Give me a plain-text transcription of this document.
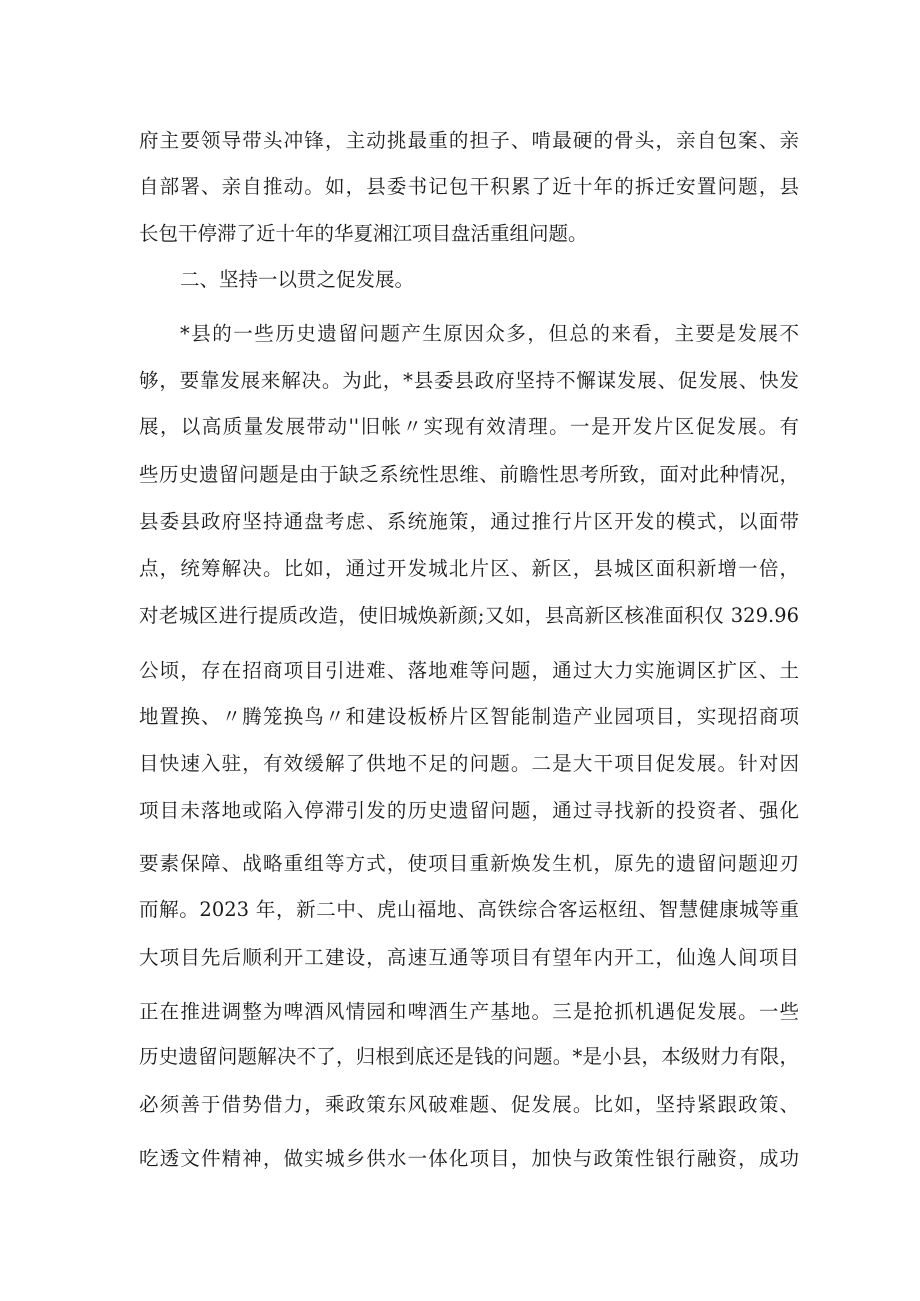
府主要领导带头冲锋，主动挑最重的担子、啃最硬的骨头，亲自包案、亲
自部署、亲自推动。如，县委书记包干积累了近十年的拆迁安置问题，县
长包干停滞了近十年的华夏湘江项目盘活重组问题。
二、坚持一以贯之促发展。
*县的一些历史遗留问题产生原因众多，但总的来看，主要是发展不
够，要靠发展来解决。为此，*县委县政府坚持不懈谋发展、促发展、快发
展，以高质量发展带动''旧帐〃实现有效清理。一是开发片区促发展。有
些历史遗留问题是由于缺乏系统性思维、前瞻性思考所致，面对此种情况，
县委县政府坚持通盘考虑、系统施策，通过推行片区开发的模式，以面带
点，统筹解决。比如，通过开发城北片区、新区，县城区面积新增一倍，
对老城区进行提质改造，使旧城焕新颜;又如，县高新区核准面积仅 329.96
公顷，存在招商项目引进难、落地难等问题，通过大力实施调区扩区、土
地置换、〃腾笼换鸟〃和建设板桥片区智能制造产业园项目，实现招商项
目快速入驻，有效缓解了供地不足的问题。二是大干项目促发展。针对因
项目未落地或陷入停滞引发的历史遗留问题，通过寻找新的投资者、强化
要素保障、战略重组等方式，使项目重新焕发生机，原先的遗留问题迎刃
而解。2023 年，新二中、虎山福地、高铁综合客运枢纽、智慧健康城等重
大项目先后顺利开工建设，高速互通等项目有望年内开工，仙逸人间项目
正在推进调整为啤酒风情园和啤酒生产基地。三是抢抓机遇促发展。一些
历史遗留问题解决不了，归根到底还是钱的问题。*是小县，本级财力有限，
必须善于借势借力，乘政策东风破难题、促发展。比如，坚持紧跟政策、
吃透文件精神，做实城乡供水一体化项目，加快与政策性银行融资，成功
